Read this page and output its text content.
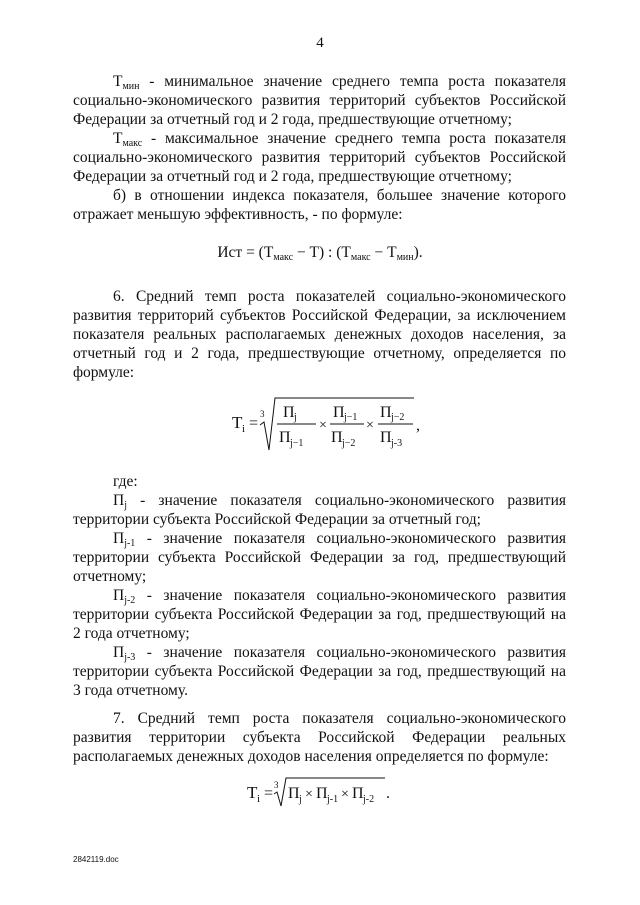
4

$Т_{мин}$ - минимальное значение среднего темпа роста показателя социально-экономического развития территорий субъектов Российской Федерации за отчетный год и 2 года, предшествующие отчетному;

$Т_{макс}$ - максимальное значение среднего темпа роста показателя социально-экономического развития территорий субъектов Российской Федерации за отчетный год и 2 года, предшествующие отчетному;

б) в отношении индекса показателя, большее значение которого отражает меньшую эффективность, - по формуле:

Ист = $(Т_{макс} - Т)$ : $(Т_{макс} - Т_{мин})$.

6. Средний темп роста показателей социально-экономического развития территорий субъектов Российской Федерации, за исключением показателя реальных располагаемых денежных доходов населения, за отчетный год и 2 года, предшествующие отчетному, определяется по формуле:

T i =
3 П j
П j−1
×
П j−1
П j−2
×
П j−2
П j-3
,

где:

$П_j$ - значение показателя социально-экономического развития территории субъекта Российской Федерации за отчетный год;

$П_{j-1}$ - значение показателя социально-экономического развития территории субъекта Российской Федерации за год, предшествующий отчетному;

$П_{j-2}$ - значение показателя социально-экономического развития территории субъекта Российской Федерации за год, предшествующий на 2 года отчетному;

$П_{j-3}$ - значение показателя социально-экономического развития территории субъекта Российской Федерации за год, предшествующий на 3 года отчетному.

7. Средний темп роста показателя социально-экономического развития территории субъекта Российской Федерации реальных располагаемых денежных доходов населения определяется по формуле:

T i = 3 П j × П j-1 × П j-2 .
2842119.doc
